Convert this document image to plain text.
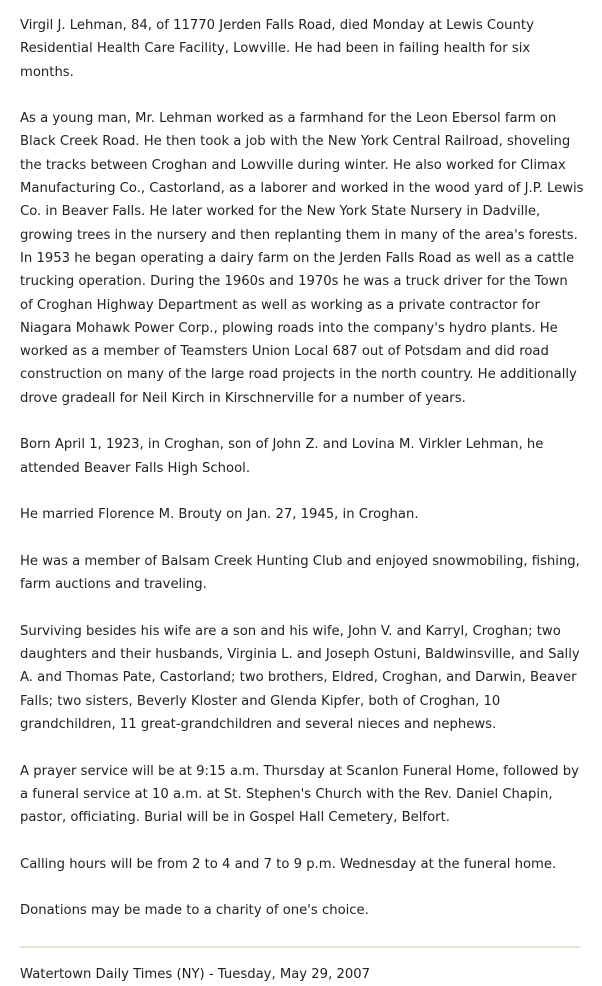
Virgil J. Lehman, 84, of 11770 Jerden Falls Road, died Monday at Lewis County Residential Health Care Facility, Lowville. He had been in failing health for six months.

As a young man, Mr. Lehman worked as a farmhand for the Leon Ebersol farm on Black Creek Road. He then took a job with the New York Central Railroad, shoveling the tracks between Croghan and Lowville during winter. He also worked for Climax Manufacturing Co., Castorland, as a laborer and worked in the wood yard of J.P. Lewis Co. in Beaver Falls. He later worked for the New York State Nursery in Dadville, growing trees in the nursery and then replanting them in many of the area's forests. In 1953 he began operating a dairy farm on the Jerden Falls Road as well as a cattle trucking operation. During the 1960s and 1970s he was a truck driver for the Town of Croghan Highway Department as well as working as a private contractor for Niagara Mohawk Power Corp., plowing roads into the company's hydro plants. He worked as a member of Teamsters Union Local 687 out of Potsdam and did road construction on many of the large road projects in the north country. He additionally drove gradeall for Neil Kirch in Kirschnerville for a number of years.

Born April 1, 1923, in Croghan, son of John Z. and Lovina M. Virkler Lehman, he attended Beaver Falls High School.

He married Florence M. Brouty on Jan. 27, 1945, in Croghan.

He was a member of Balsam Creek Hunting Club and enjoyed snowmobiling, fishing, farm auctions and traveling.

Surviving besides his wife are a son and his wife, John V. and Karryl, Croghan; two daughters and their husbands, Virginia L. and Joseph Ostuni, Baldwinsville, and Sally A. and Thomas Pate, Castorland; two brothers, Eldred, Croghan, and Darwin, Beaver Falls; two sisters, Beverly Kloster and Glenda Kipfer, both of Croghan, 10 grandchildren, 11 great-grandchildren and several nieces and nephews.

A prayer service will be at 9:15 a.m. Thursday at Scanlon Funeral Home, followed by a funeral service at 10 a.m. at St. Stephen's Church with the Rev. Daniel Chapin, pastor, officiating. Burial will be in Gospel Hall Cemetery, Belfort.

Calling hours will be from 2 to 4 and 7 to 9 p.m. Wednesday at the funeral home.

Donations may be made to a charity of one's choice.

Watertown Daily Times (NY) - Tuesday, May 29, 2007
